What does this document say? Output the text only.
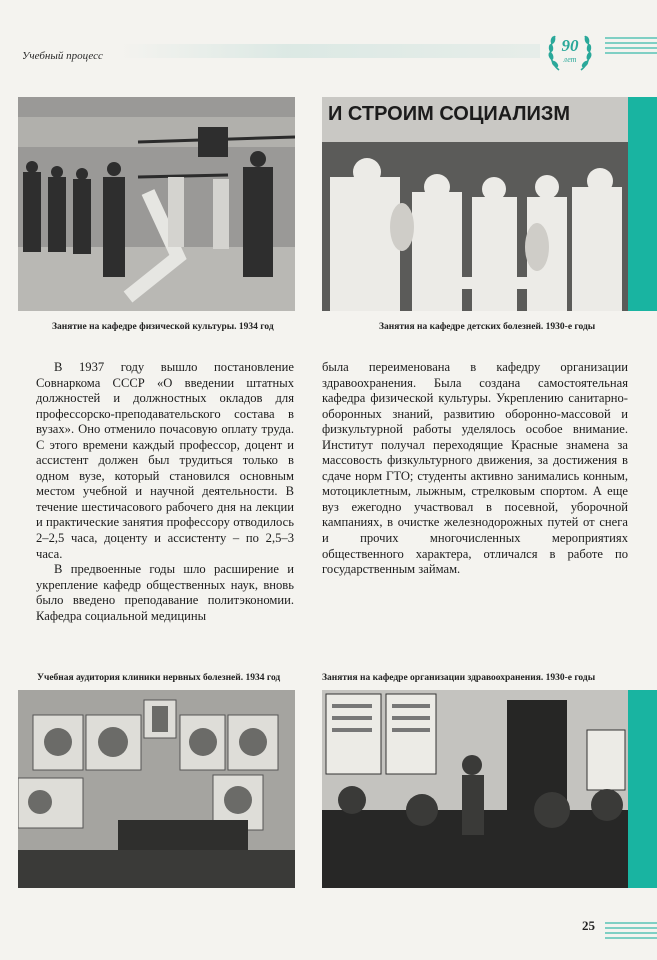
Учебный процесс
90
лет
Занятие на кафедре физической культуры. 1934 год
И СТРОИМ СОЦИАЛИЗМ
Занятия на кафедре детских болезней. 1930-е годы

В 1937 году вышло постановление Совнаркома СССР «О введении штатных должностей и должностных окладов для профессорско-преподавательского состава в вузах». Оно отменило почасовую оплату труда. С этого времени каждый профессор, доцент и ассистент должен был трудиться только в одном вузе, который становился основным местом учебной и научной деятельности. В течение шестичасового рабочего дня на лекции и практические занятия профессору отводилось 2–2,5 часа, доценту и ассистенту – по 2,5–3 часа.

В предвоенные годы шло расширение и укрепление кафедр общественных наук, вновь было введено преподавание политэкономии. Кафедра социальной медицины

была переименована в кафедру организации здравоохранения. Была создана самостоятельная кафедра физической культуры. Укреплению санитарно-оборонных знаний, развитию оборонно-массовой и физкультурной работы уделялось особое внимание. Институт получал переходящие Красные знамена за массовость физкультурного движения, за достижения в сдаче норм ГТО; студенты активно занимались конным, мотоциклетным, лыжным, стрелковым спортом. А еще вуз ежегодно участвовал в посевной, уборочной кампаниях, в очистке железнодорожных путей от снега и прочих многочисленных мероприятиях общественного характера, отличался в работе по государственным займам.

Учебная аудитория клиники нервных болезней. 1934 год	Занятия на кафедре организации здравоохранения. 1930-е годы
25
